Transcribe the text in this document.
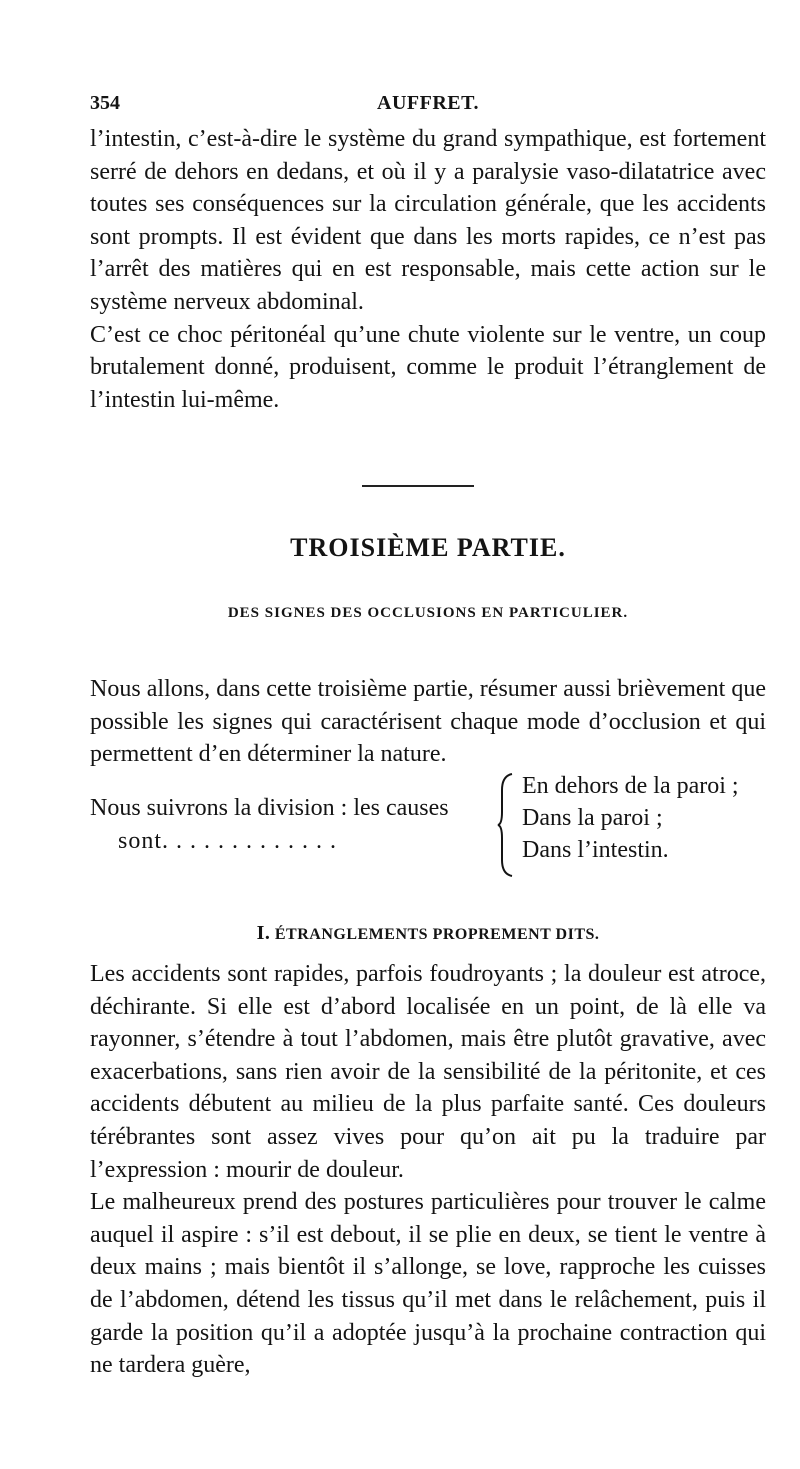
354	AUFFRET.

l’intestin, c’est-à-dire le système du grand sympathique, est fortement serré de dehors en dedans, et où il y a paralysie vaso-dilatatrice avec toutes ses conséquences sur la circulation générale, que les accidents sont prompts. Il est évident que dans les morts rapides, ce n’est pas l’arrêt des matières qui en est responsable, mais cette action sur le système nerveux abdominal.

C’est ce choc péritonéal qu’une chute violente sur le ventre, un coup brutalement donné, produisent, comme le produit l’étranglement de l’intestin lui-même.

TROISIÈME PARTIE.
DES SIGNES DES OCCLUSIONS EN PARTICULIER.

Nous allons, dans cette troisième partie, résumer aussi brièvement que possible les signes qui caractérisent chaque mode d’occlusion et qui permettent d’en déterminer la nature.

Nous suivrons la division : les causes
sont. . . . . . . . . . . . .
En dehors de la paroi ;
Dans la paroi ;
Dans l’intestin.
I. ÉTRANGLEMENTS PROPREMENT DITS.

Les accidents sont rapides, parfois foudroyants ; la douleur est atroce, déchirante. Si elle est d’abord localisée en un point, de là elle va rayonner, s’étendre à tout l’abdomen, mais être plutôt gravative, avec exacerbations, sans rien avoir de la sensibilité de la péritonite, et ces accidents débutent au milieu de la plus parfaite santé. Ces douleurs térébrantes sont assez vives pour qu’on ait pu la traduire par l’expression : mourir de douleur.

Le malheureux prend des postures particulières pour trouver le calme auquel il aspire : s’il est debout, il se plie en deux, se tient le ventre à deux mains ; mais bientôt il s’allonge, se love, rapproche les cuisses de l’abdomen, détend les tissus qu’il met dans le relâchement, puis il garde la position qu’il a adoptée jusqu’à la prochaine contraction qui ne tardera guère,
